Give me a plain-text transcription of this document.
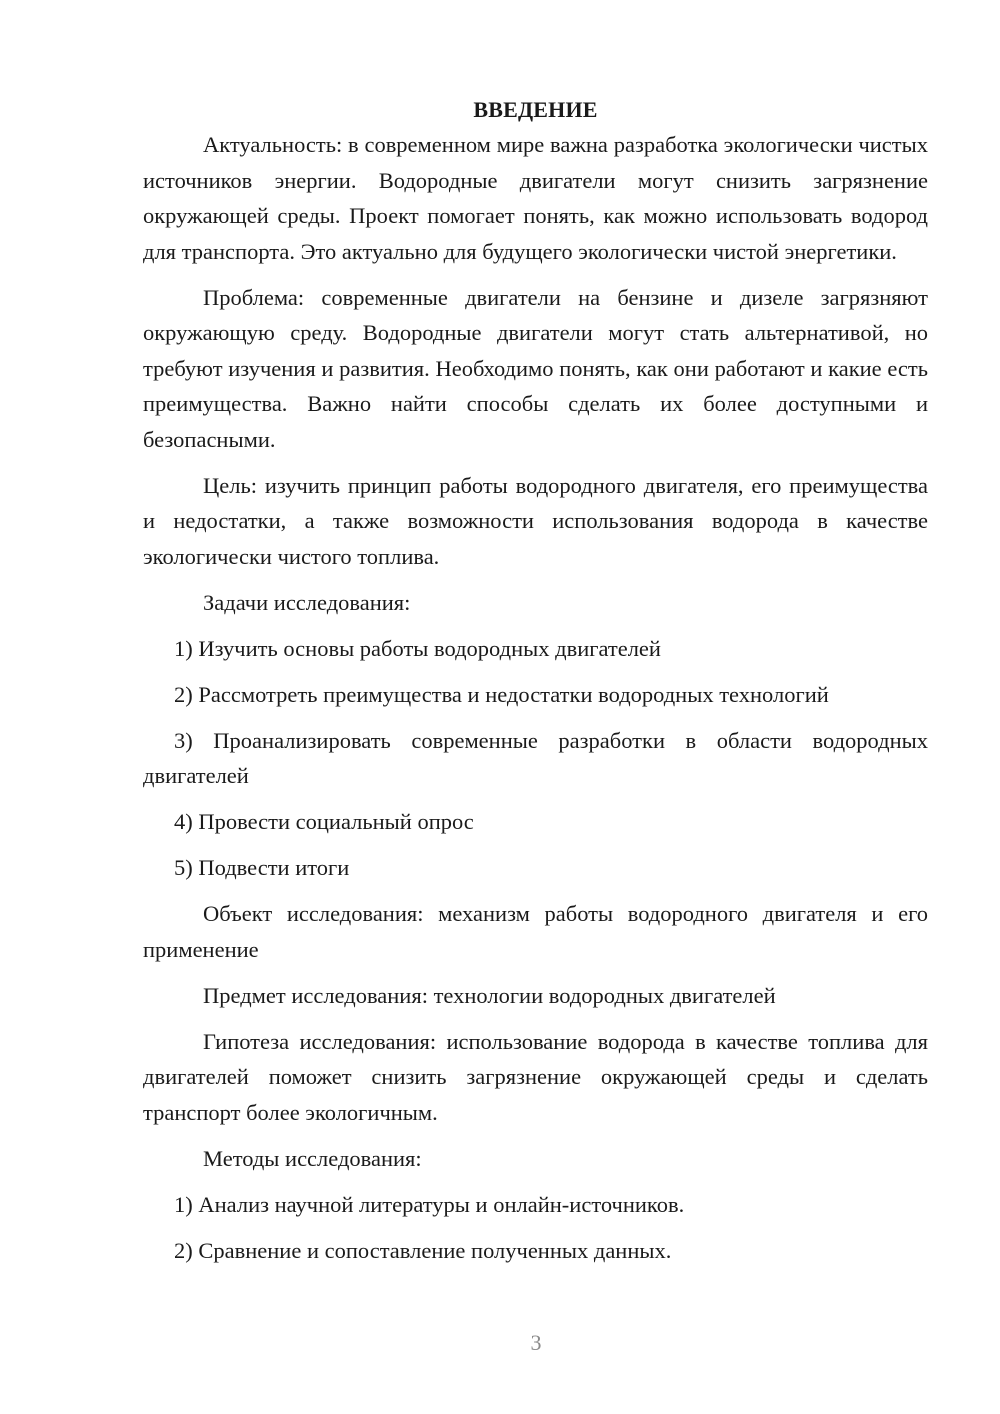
ВВЕДЕНИЕ

Актуальность: в современном мире важна разработка экологически чистых источников энергии. Водородные двигатели могут снизить загрязнение окружающей среды. Проект помогает понять, как можно использовать водород для транспорта. Это актуально для будущего экологически чистой энергетики.

Проблема: современные двигатели на бензине и дизеле загрязняют окружающую среду. Водородные двигатели могут стать альтернативой, но требуют изучения и развития. Необходимо понять, как они работают и какие есть преимущества. Важно найти способы сделать их более доступными и безопасными.

Цель: изучить принцип работы водородного двигателя, его преимущества и недостатки, а также возможности использования водорода в качестве экологически чистого топлива.

Задачи исследования:

1) Изучить основы работы водородных двигателей

2) Рассмотреть преимущества и недостатки водородных технологий

3) Проанализировать современные разработки в области водородных двигателей

4) Провести социальный опрос

5) Подвести итоги

Объект исследования: механизм работы водородного двигателя и его применение

Предмет исследования: технологии водородных двигателей

Гипотеза исследования: использование водорода в качестве топлива для двигателей поможет снизить загрязнение окружающей среды и сделать транспорт более экологичным.

Методы исследования:

1) Анализ научной литературы и онлайн-источников.

2) Сравнение и сопоставление полученных данных.

3
